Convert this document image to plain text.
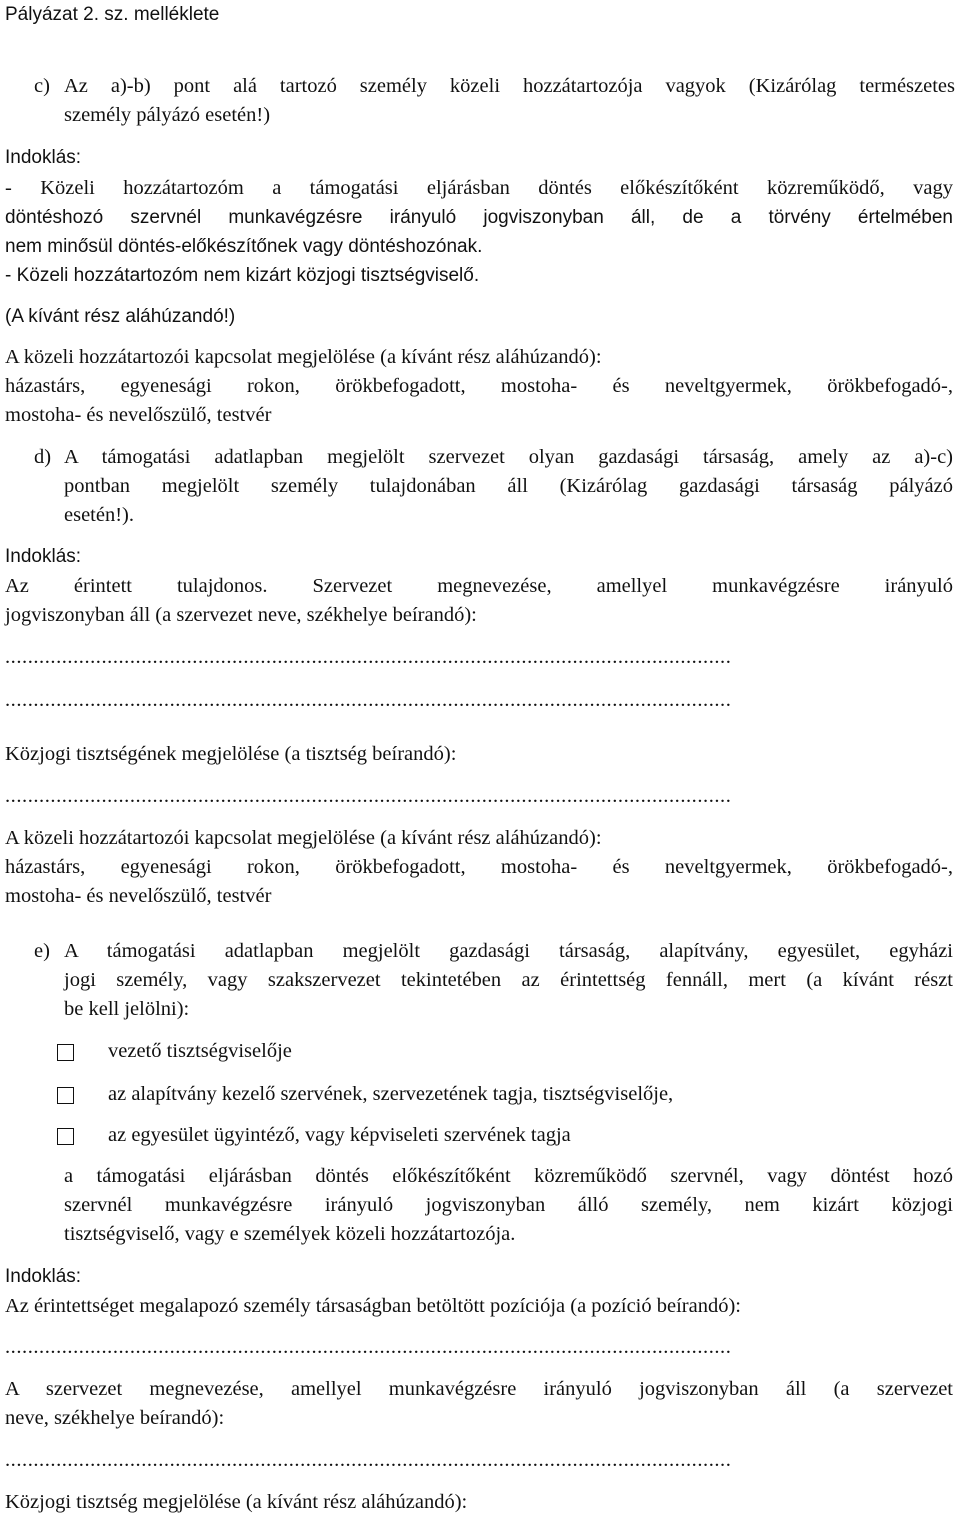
Pályázat 2. sz. melléklete
c) Az a)-b) pont alá tartozó személy közeli hozzátartozója vagyok (Kizárólag természetes
személy pályázó esetén!)
Indoklás:
- Közeli hozzátartozóm a támogatási eljárásban döntés előkészítőként közreműködő, vagy
döntéshozó szervnél munkavégzésre irányuló jogviszonyban áll, de a törvény értelmében
nem minősül döntés-előkészítőnek vagy döntéshozónak.
- Közeli hozzátartozóm nem kizárt közjogi tisztségviselő.
(A kívánt rész aláhúzandó!)
A közeli hozzátartozói kapcsolat megjelölése (a kívánt rész aláhúzandó):
házastárs, egyenesági rokon, örökbefogadott, mostoha- és neveltgyermek, örökbefogadó-,
mostoha- és nevelőszülő, testvér
d) A támogatási adatlapban megjelölt szervezet olyan gazdasági társaság, amely az a)-c)
pontban megjelölt személy tulajdonában áll (Kizárólag gazdasági társaság pályázó
esetén!).
Indoklás:
Az érintett tulajdonos. Szervezet megnevezése, amellyel munkavégzésre irányuló
jogviszonyban áll (a szervezet neve, székhelye beírandó):
................................................................................................................................
................................................................................................................................
Közjogi tisztségének megjelölése (a tisztség beírandó):
................................................................................................................................
A közeli hozzátartozói kapcsolat megjelölése (a kívánt rész aláhúzandó):
házastárs, egyenesági rokon, örökbefogadott, mostoha- és neveltgyermek, örökbefogadó-,
mostoha- és nevelőszülő, testvér
e) A támogatási adatlapban megjelölt gazdasági társaság, alapítvány, egyesület, egyházi
jogi személy, vagy szakszervezet tekintetében az érintettség fennáll, mert (a kívánt részt
be kell jelölni):
vezető tisztségviselője
az alapítvány kezelő szervének, szervezetének tagja, tisztségviselője,
az egyesület ügyintéző, vagy képviseleti szervének tagja
a támogatási eljárásban döntés előkészítőként közreműködő szervnél, vagy döntést hozó
szervnél munkavégzésre irányuló jogviszonyban álló személy, nem kizárt közjogi
tisztségviselő, vagy e személyek közeli hozzátartozója.
Indoklás:
Az érintettséget megalapozó személy társaságban betöltött pozíciója (a pozíció beírandó):
................................................................................................................................
A szervezet megnevezése, amellyel munkavégzésre irányuló jogviszonyban áll (a szervezet
neve, székhelye beírandó):
................................................................................................................................
Közjogi tisztség megjelölése (a kívánt rész aláhúzandó):
